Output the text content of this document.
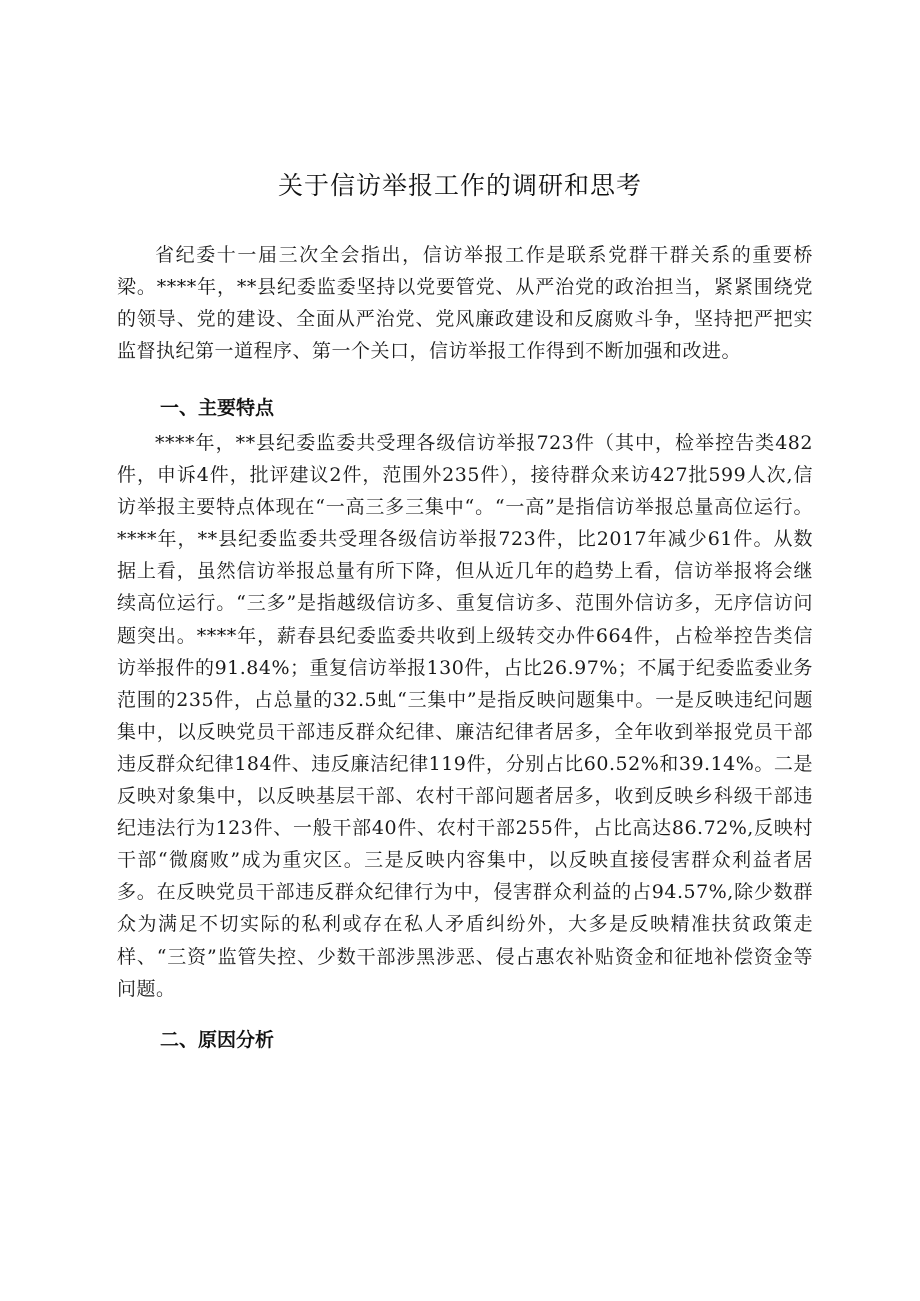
关于信访举报工作的调研和思考

省纪委十一届三次全会指出，信访举报工作是联系党群干群关系的重要桥梁。****年，**县纪委监委坚持以党要管党、从严治党的政治担当，紧紧围绕党的领导、党的建设、全面从严治党、党风廉政建设和反腐败斗争，坚持把严把实监督执纪第一道程序、第一个关口，信访举报工作得到不断加强和改进。

一、主要特点

****年，**县纪委监委共受理各级信访举报723件（其中，检举控告类482件，申诉4件，批评建议2件，范围外235件），接待群众来访427批599人次,信访举报主要特点体现在“一高三多三集中“。“一高”是指信访举报总量高位运行。****年，**县纪委监委共受理各级信访举报723件，比2017年减少61件。从数据上看，虽然信访举报总量有所下降，但从近几年的趋势上看，信访举报将会继续高位运行。“三多”是指越级信访多、重复信访多、范围外信访多，无序信访问题突出。****年，薪春县纪委监委共收到上级转交办件664件，占检举控告类信访举报件的91.84%；重复信访举报130件，占比26.97%；不属于纪委监委业务范围的235件，占总量的32.5虬“三集中”是指反映问题集中。一是反映违纪问题集中，以反映党员干部违反群众纪律、廉洁纪律者居多，全年收到举报党员干部违反群众纪律184件、违反廉洁纪律119件，分别占比60.52%和39.14%。二是反映对象集中，以反映基层干部、农村干部问题者居多，收到反映乡科级干部违纪违法行为123件、一般干部40件、农村干部255件，占比高达86.72%,反映村干部“微腐败”成为重灾区。三是反映内容集中，以反映直接侵害群众利益者居多。在反映党员干部违反群众纪律行为中，侵害群众利益的占94.57%,除少数群众为满足不切实际的私利或存在私人矛盾纠纷外，大多是反映精准扶贫政策走样、“三资”监管失控、少数干部涉黑涉恶、侵占惠农补贴资金和征地补偿资金等问题。

二、原因分析
